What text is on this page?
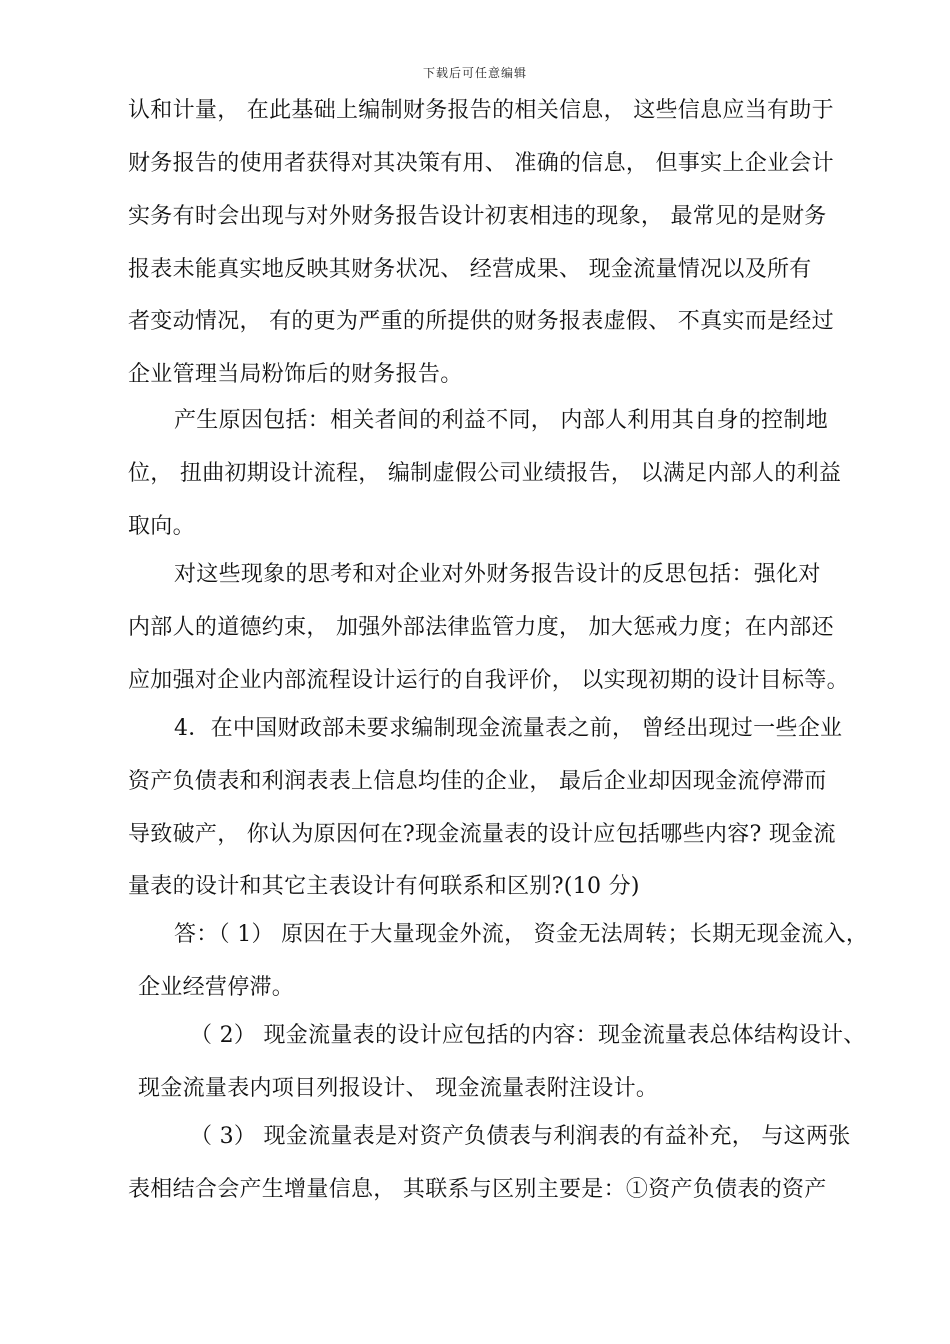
下载后可任意编辑
认和计量， 在此基础上编制财务报告的相关信息， 这些信息应当有助于
财务报告的使用者获得对其决策有用、 准确的信息， 但事实上企业会计
实务有时会出现与对外财务报告设计初衷相违的现象， 最常见的是财务
报表未能真实地反映其财务状况、 经营成果、 现金流量情况以及所有
者变动情况， 有的更为严重的所提供的财务报表虚假、 不真实而是经过
企业管理当局粉饰后的财务报告。
产生原因包括：相关者间的利益不同， 内部人利用其自身的控制地
位， 扭曲初期设计流程， 编制虚假公司业绩报告， 以满足内部人的利益
取向。
对这些现象的思考和对企业对外财务报告设计的反思包括：强化对
内部人的道德约束， 加强外部法律监管力度， 加大惩戒力度；在内部还
应加强对企业内部流程设计运行的自我评价， 以实现初期的设计目标等。
4．在中国财政部未要求编制现金流量表之前， 曾经出现过一些企业
资产负债表和利润表表上信息均佳的企业， 最后企业却因现金流停滞而
导致破产， 你认为原因何在?现金流量表的设计应包括哪些内容? 现金流
量表的设计和其它主表设计有何联系和区别?(10 分)
答：（ 1） 原因在于大量现金外流， 资金无法周转；长期无现金流入，
企业经营停滞。
（ 2） 现金流量表的设计应包括的内容：现金流量表总体结构设计、
现金流量表内项目列报设计、 现金流量表附注设计。
（ 3） 现金流量表是对资产负债表与利润表的有益补充， 与这两张
表相结合会产生增量信息， 其联系与区别主要是：①资产负债表的资产
